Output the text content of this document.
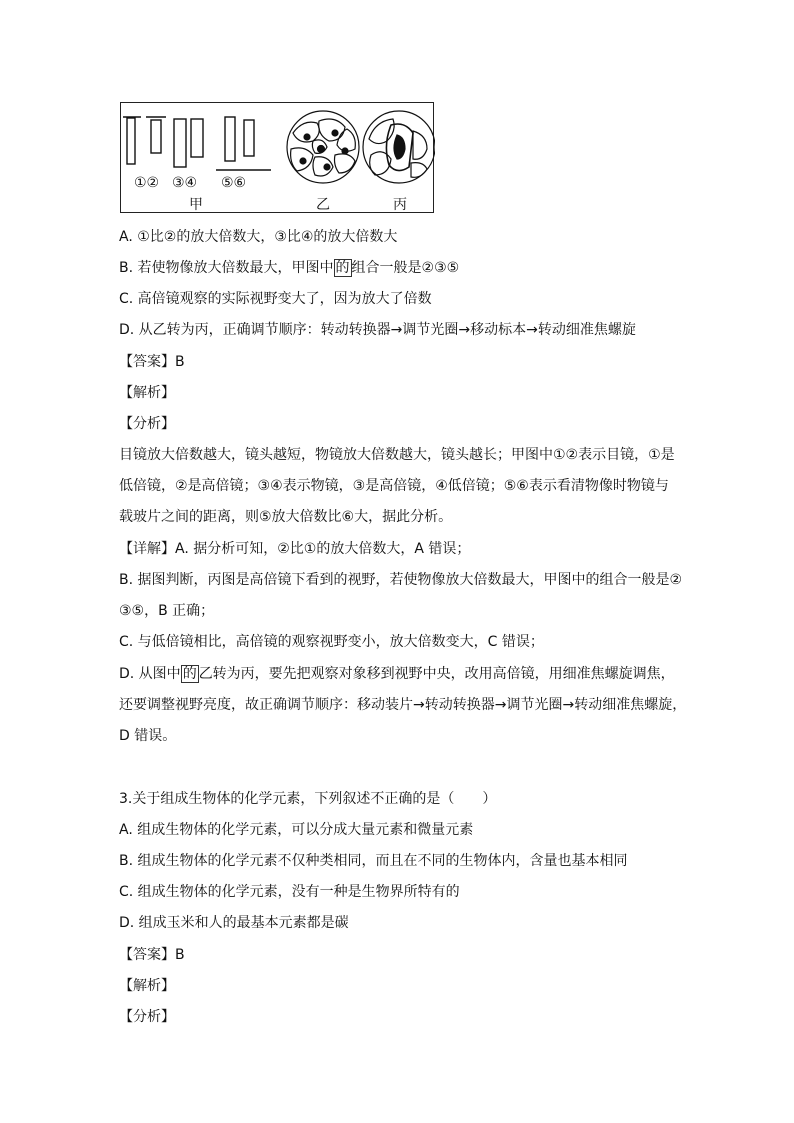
①② ③④ ⑤⑥
甲	乙	丙
A. ①比②的放大倍数大，③比④的放大倍数大
B. 若使物像放大倍数最大，甲图中 的 组合一般是②③⑤
C. 高倍镜观察的实际视野变大了，因为放大了倍数
D. 从乙转为丙，正确调节顺序：转动转换器→调节光圈→移动标本→转动细准焦螺旋
【答案】B
【解析】
【分析】
目镜放大倍数越大，镜头越短，物镜放大倍数越大，镜头越长；甲图中①②表示目镜，①是
低倍镜，②是高倍镜；③④表示物镜，③是高倍镜，④低倍镜；⑤⑥表示看清物像时物镜与
载玻片之间的距离，则⑤放大倍数比⑥大，据此分析。
【详解】A. 据分析可知，②比①的放大倍数大，A 错误；
B. 据图判断，丙图是高倍镜下看到的视野，若使物像放大倍数最大，甲图中的组合一般是②
③⑤，B 正确；
C. 与低倍镜相比，高倍镜的观察视野变小，放大倍数变大，C 错误；
D. 从图中 的 乙转为丙，要先把观察对象移到视野中央，改用高倍镜，用细准焦螺旋调焦，
还要调整视野亮度，故正确调节顺序：移动装片→转动转换器→调节光圈→转动细准焦螺旋，
D 错误。
3.关于组成生物体的化学元素，下列叙述不正确的是（　　）
A. 组成生物体的化学元素，可以分成大量元素和微量元素
B. 组成生物体的化学元素不仅种类相同，而且在不同的生物体内，含量也基本相同
C. 组成生物体的化学元素，没有一种是生物界所特有的
D. 组成玉米和人的最基本元素都是碳
【答案】B
【解析】
【分析】
